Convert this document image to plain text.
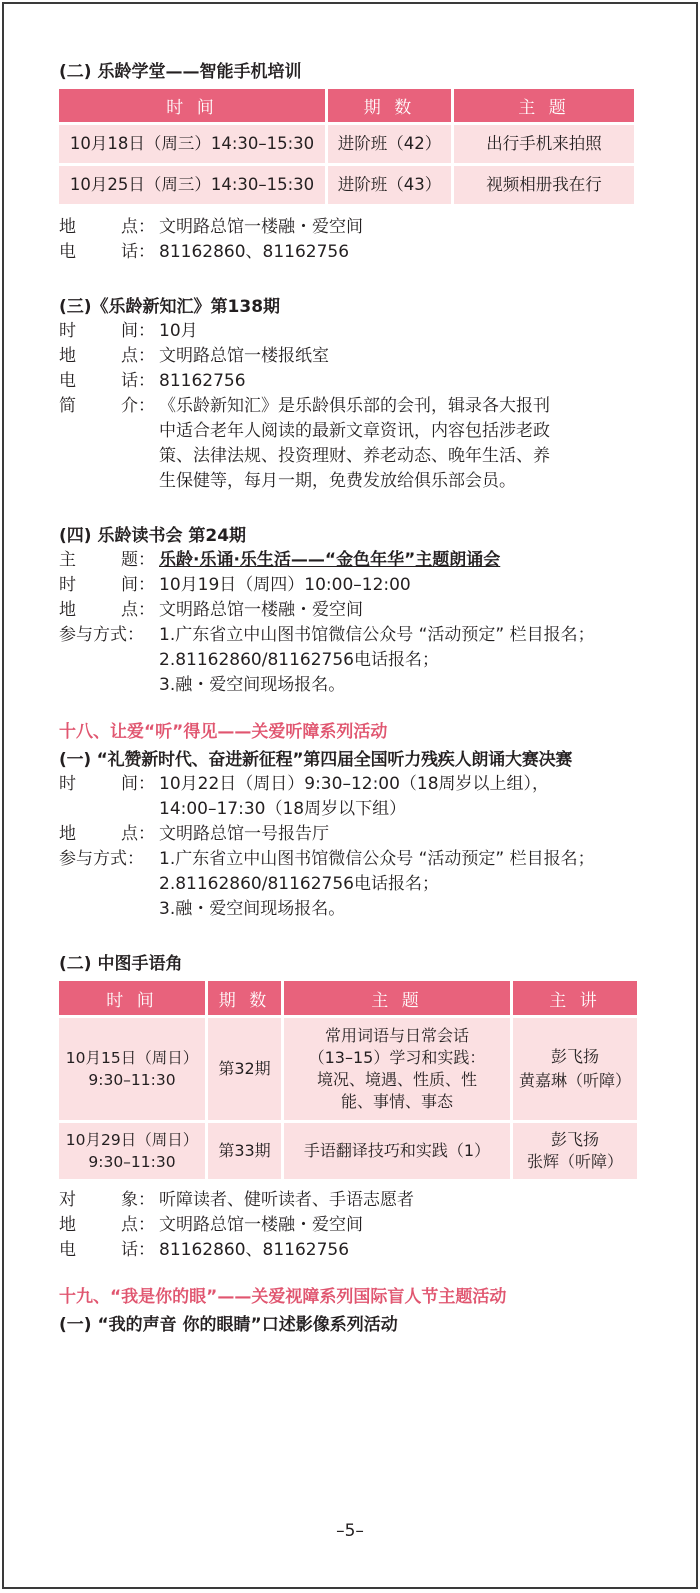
(二) 乐龄学堂——智能手机培训

时 间	期 数	主 题
10月18日（周三）14:30–15:30	进阶班（42）	出行手机来拍照
10月25日（周三）14:30–15:30	进阶班（43）	视频相册我在行
地	点： 文明路总馆一楼融・爱空间
电	话： 81162860、81162756

(三)《乐龄新知汇》第138期

时	间： 10月
地	点： 文明路总馆一楼报纸室
电	话： 81162756
简	介： 《乐龄新知汇》是乐龄俱乐部的会刊，辑录各大报刊
中适合老年人阅读的最新文章资讯，内容包括涉老政
策、法律法规、投资理财、养老动态、晚年生活、养
生保健等，每月一期，免费发放给俱乐部会员。

(四) 乐龄读书会 第24期

主	题： 乐龄·乐诵·乐生活——“金色年华”主题朗诵会
时	间： 10月19日（周四）10:00–12:00
地	点： 文明路总馆一楼融・爱空间
参与方式： 1.广东省立中山图书馆微信公众号 “活动预定” 栏目报名；
2.81162860/81162756电话报名；
3.融・爱空间现场报名。

十八、让爱“听”得见——关爱听障系列活动

(一) “礼赞新时代、奋进新征程”第四届全国听力残疾人朗诵大赛决赛

时	间： 10月22日（周日）9:30–12:00（18周岁以上组），
14:00–17:30（18周岁以下组）
地	点： 文明路总馆一号报告厅
参与方式： 1.广东省立中山图书馆微信公众号 “活动预定” 栏目报名；
2.81162860/81162756电话报名；
3.融・爱空间现场报名。

(二) 中图手语角

时 间	期 数	主 题	主 讲

10月15日（周日）
9:30–11:30	第32期	常用词语与日常会话
（13–15）学习和实践：
境况、境遇、性质、性
能、事情、事态	彭飞扬
黄嘉琳（听障）

10月29日（周日）
9:30–11:30	第33期	手语翻译技巧和实践（1）	彭飞扬
张辉（听障）
对	象： 听障读者、健听读者、手语志愿者
地	点： 文明路总馆一楼融・爱空间
电	话： 81162860、81162756

十九、“我是你的眼”——关爱视障系列国际盲人节主题活动

(一) “我的声音 你的眼睛”口述影像系列活动

–5–
